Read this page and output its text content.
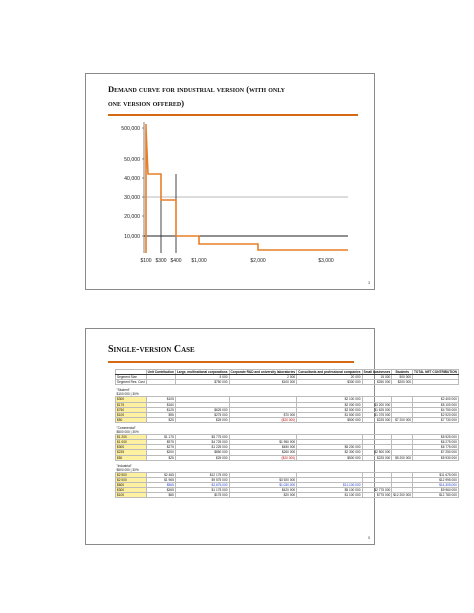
Demand curve for industrial version (with only
one version offered)
500,000
50,000
40,000
30,000
20,000
10,000
$100 $300 $400 $1,000	$2,000	$3,000
3
Single-version Case
	Unit Contribution	Large, multinational corporations	Corporate R&D and university laboratories	Consultants and professional companies	Small businesses	Students	TOTAL NET CONTRIBUTION
Segment Size		5 000	2 000	20 000	15 000	500 000	
Segment Res. Cost		$750 000	$100 000	$300 000	$250 000	$200 000	
"Student"							
$100 000 | 30%							
$300	$105			$2 100 000			$2 400 000
$175	$160			$2 000 000	$3 200 000		$5 100 000
$750	$125	$625 000		$2 500 000	$1 625 000		$4 750 000
$100	$95	$275 000	$70 000	$1 500 000	$1 075 000		$2 920 000
$50	$25	$25 000	($20 000)	$500 000	$225 000	$7 200 000	$7 730 000
"Commercial"							
$500 000 | 30%							
$1 200	$1 175	$5 775 000					$5 925 000
$1 000	$975	$4 725 000	$1 950 000				$6 275 000
$300	$275	$1 225 000	$450 000	$5 200 000			$6 775 000
$225	$200	$850 000	$260 000	$2 300 000	$2 500 000		$7 250 000
$50	$25	$25 000	($20 000)	$500 000	$225 000	$5 200 000	$5 930 000
"Industrial"							
$500 000 | 30%							
$2 500	$2 465	$12 175 000					$11 675 000
$2 000	$1 965	$9 575 000	$3 920 000				$12 995 000
$600	$565	$2,675,000	$1,030,000	$11,100,000			$14,305,000
$300	$265	$1 175 000	$420 000	$5 100 000	$2 775 000		$9 960 000
$100	$65	$175 000	$20 000	$1 100 000	$775 000	$12 200 000	$12 780 000
5
